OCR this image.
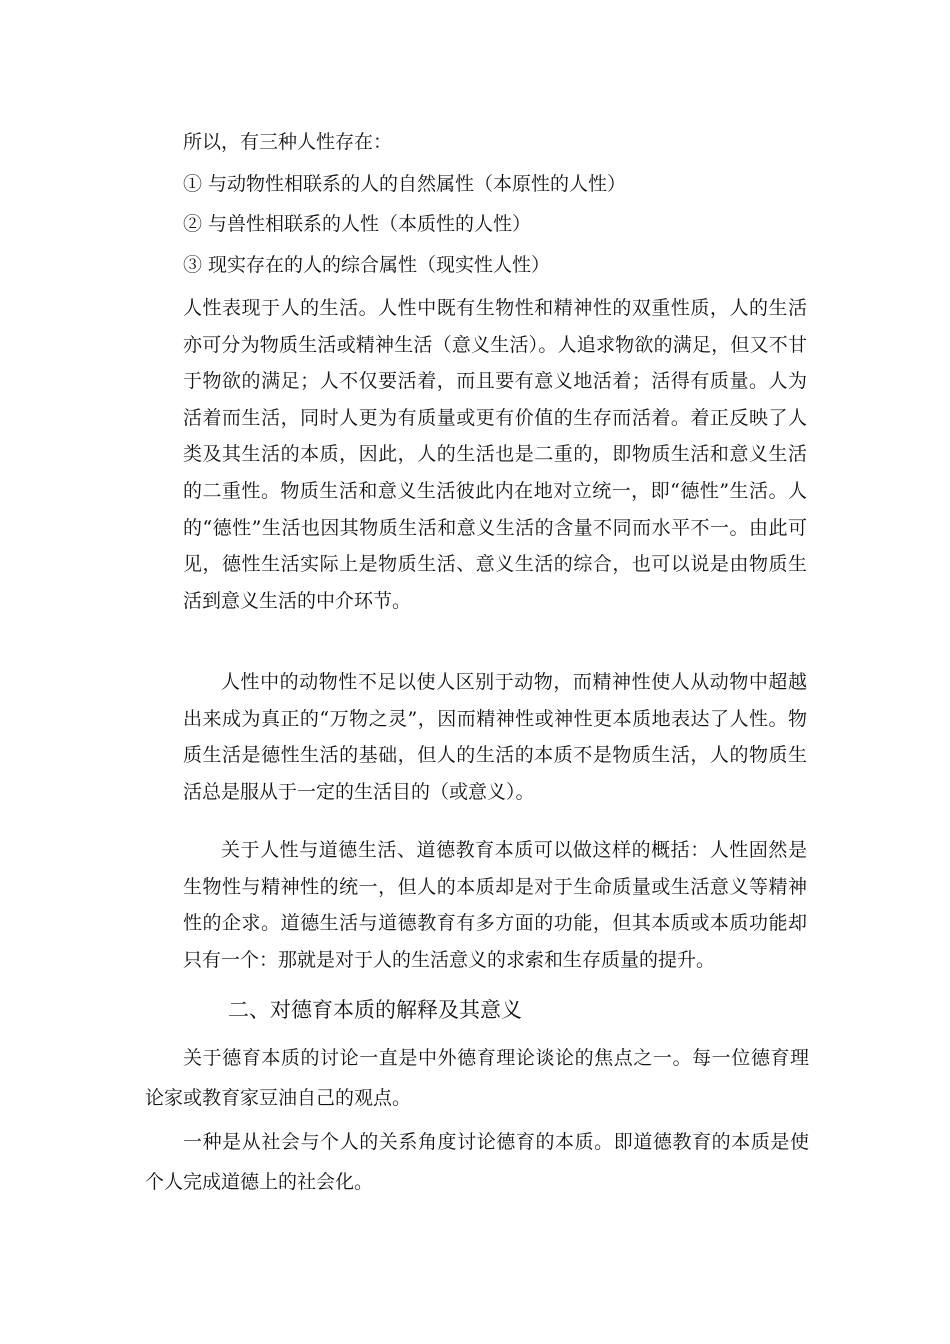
所以，有三种人性存在：
① 与动物性相联系的人的自然属性（本原性的人性）
② 与兽性相联系的人性（本质性的人性）
③ 现实存在的人的综合属性（现实性人性）

人性表现于人的生活。人性中既有生物性和精神性的双重性质，人的生活亦可分为物质生活或精神生活（意义生活）。人追求物欲的满足，但又不甘于物欲的满足；人不仅要活着，而且要有意义地活着；活得有质量。人为活着而生活，同时人更为有质量或更有价值的生存而活着。着正反映了人类及其生活的本质，因此，人的生活也是二重的，即物质生活和意义生活的二重性。物质生活和意义生活彼此内在地对立统一，即“德性”生活。人的“德性”生活也因其物质生活和意义生活的含量不同而水平不一。由此可见，德性生活实际上是物质生活、意义生活的综合，也可以说是由物质生活到意义生活的中介环节。

人性中的动物性不足以使人区别于动物，而精神性使人从动物中超越出来成为真正的“万物之灵”，因而精神性或神性更本质地表达了人性。物质生活是德性生活的基础，但人的生活的本质不是物质生活，人的物质生活总是服从于一定的生活目的（或意义）。

关于人性与道德生活、道德教育本质可以做这样的概括：人性固然是生物性与精神性的统一，但人的本质却是对于生命质量或生活意义等精神性的企求。道德生活与道德教育有多方面的功能，但其本质或本质功能却只有一个：那就是对于人的生活意义的求索和生存质量的提升。

二、对德育本质的解释及其意义

关于德育本质的讨论一直是中外德育理论谈论的焦点之一。每一位德育理论家或教育家豆油自己的观点。

一种是从社会与个人的关系角度讨论德育的本质。即道德教育的本质是使个人完成道德上的社会化。
